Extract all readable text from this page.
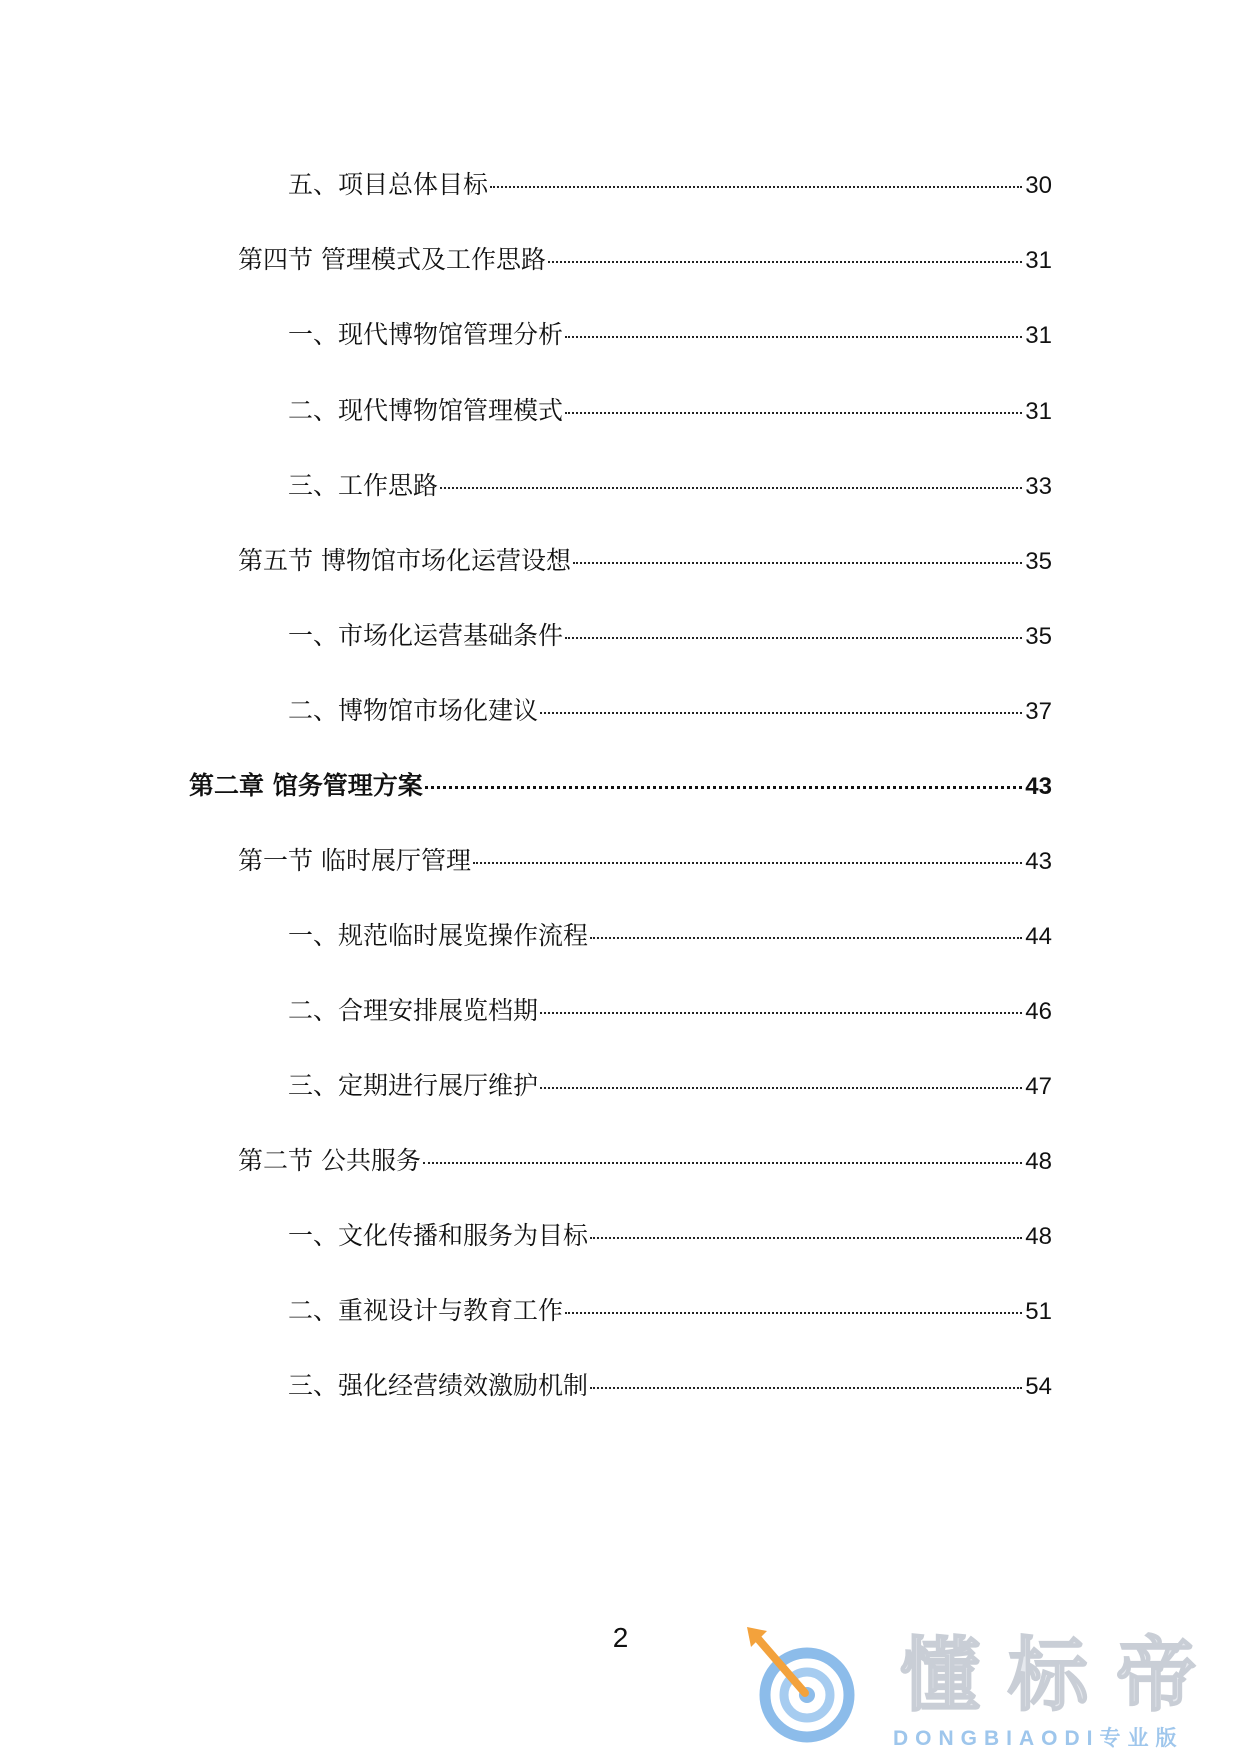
五、项目总体目标	30
第四节 管理模式及工作思路	31
一、现代博物馆管理分析	31
二、现代博物馆管理模式	31
三、工作思路	33
第五节 博物馆市场化运营设想	35
一、市场化运营基础条件	35
二、博物馆市场化建议	37
第二章 馆务管理方案	43
第一节 临时展厅管理	43
一、规范临时展览操作流程	44
二、合理安排展览档期	46
三、定期进行展厅维护	47
第二节 公共服务	48
一、文化传播和服务为目标	48
二、重视设计与教育工作	51
三、强化经营绩效激励机制	54
2	懂标帝
DONGBIAODI专业版
